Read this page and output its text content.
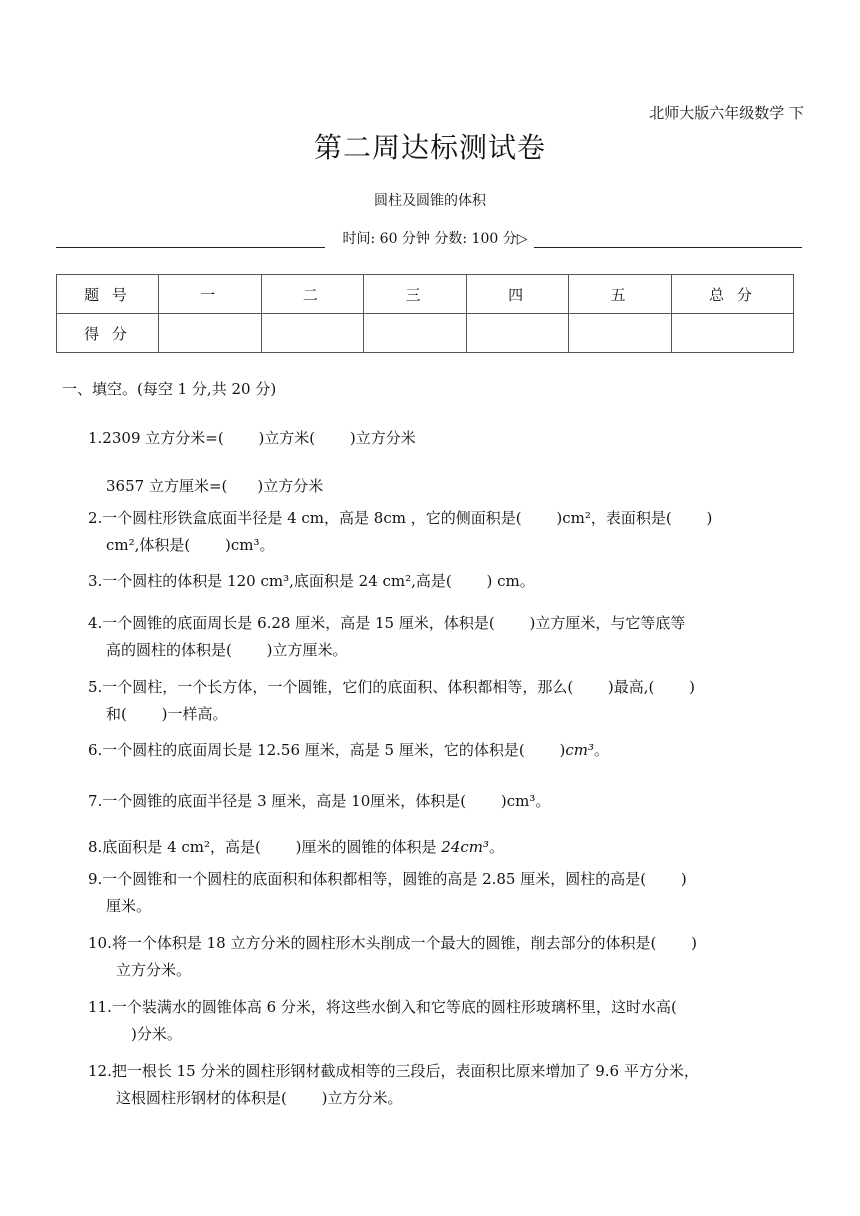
北师大版六年级数学 下
第二周达标测试卷
圆柱及圆锥的体积
时间: 60 分钟 分数: 100 分▷
题 号	一	二	三	四	五	总 分
得 分						
一、填空。(每空 1 分,共 20 分)
1.2309 立方分米=(　　 )立方米(　　 )立方分米
3657 立方厘米=(　　)立方分米
2.一个圆柱形铁盒底面半径是 4 cm，高是 8cm ，它的侧面积是(　　 )cm²，表面积是(　　 )
cm²,体积是(　　 )cm³。
3.一个圆柱的体积是 120 cm³,底面积是 24 cm²,高是(　　 ) cm。
4.一个圆锥的底面周长是 6.28 厘米，高是 15 厘米，体积是(　　 )立方厘米，与它等底等
高的圆柱的体积是(　　 )立方厘米。
5.一个圆柱，一个长方体，一个圆锥，它们的底面积、体积都相等，那么(　　 )最高,(　　 )
和(　　 )一样高。
6.一个圆柱的底面周长是 12.56 厘米，高是 5 厘米，它的体积是(　　 )cm³。
7.一个圆锥的底面半径是 3 厘米，高是 10厘米，体积是(　　 )cm³。
8.底面积是 4 cm²，高是(　　 )厘米的圆锥的体积是 24cm³。
9.一个圆锥和一个圆柱的底面积和体积都相等，圆锥的高是 2.85 厘米，圆柱的高是(　　 )
厘米。
10.将一个体积是 18 立方分米的圆柱形木头削成一个最大的圆锥，削去部分的体积是(　　 )
立方分米。
11.一个装满水的圆锥体高 6 分米，将这些水倒入和它等底的圆柱形玻璃杯里，这时水高(
　)分米。
12.把一根长 15 分米的圆柱形钢材截成相等的三段后，表面积比原来增加了 9.6 平方分米，
这根圆柱形钢材的体积是(　　 )立方分米。
